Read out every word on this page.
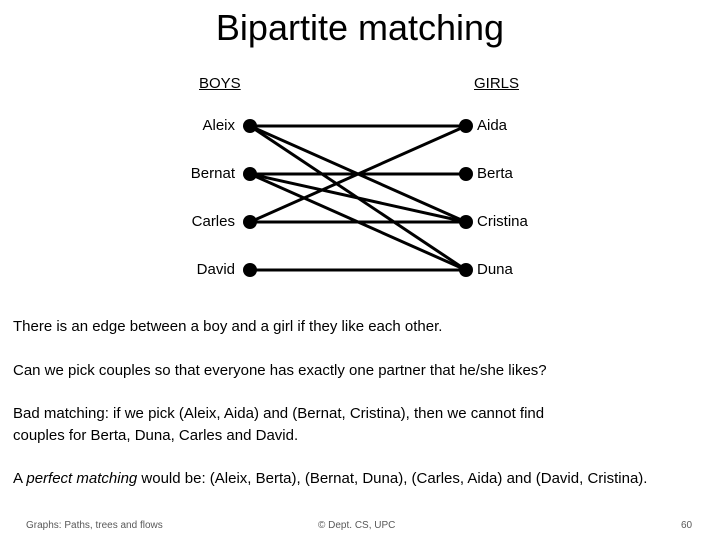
Bipartite matching
BOYS	GIRLS
Aleix
Bernat
Carles
David
Aida
Berta
Cristina
Duna
There is an edge between a boy and a girl if they like each other.
Can we pick couples so that everyone has exactly one partner that he/she likes?
Bad matching: if we pick (Aleix, Aida) and (Bernat, Cristina), then we cannot find
couples for Berta, Duna, Carles and David.
A perfect matching would be: (Aleix, Berta), (Bernat, Duna), (Carles, Aida) and (David, Cristina).
Graphs: Paths, trees and flows	© Dept. CS, UPC	60
